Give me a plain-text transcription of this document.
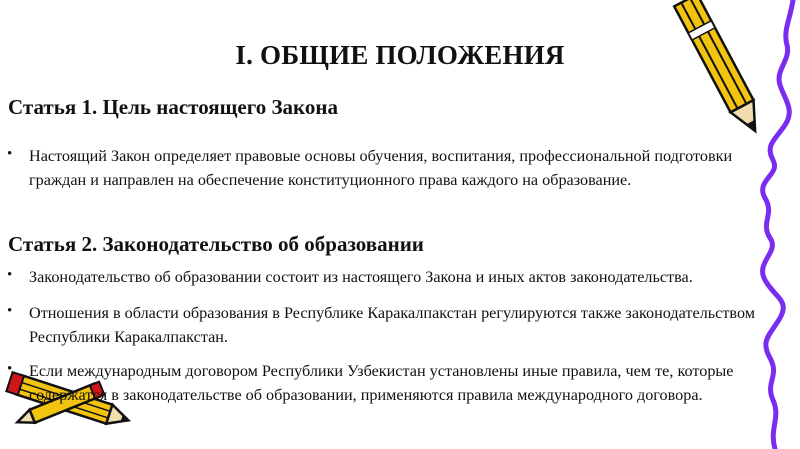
I. ОБЩИЕ ПОЛОЖЕНИЯ
Статья 1. Цель настоящего Закона
• Настоящий Закон определяет правовые основы обучения, воспитания, профессиональной подготовки граждан и направлен на обеспечение конституционного права каждого на образование.
Статья 2. Законодательство об образовании
• Законодательство об образовании состоит из настоящего Закона и иных актов законодательства.
• Отношения в области образования в Республике Каракалпакстан регулируются также законодательством Республики Каракалпакстан.
• Если международным договором Республики Узбекистан установлены иные правила, чем те, которые содержатся в законодательстве об образовании, применяются правила международного договора.
